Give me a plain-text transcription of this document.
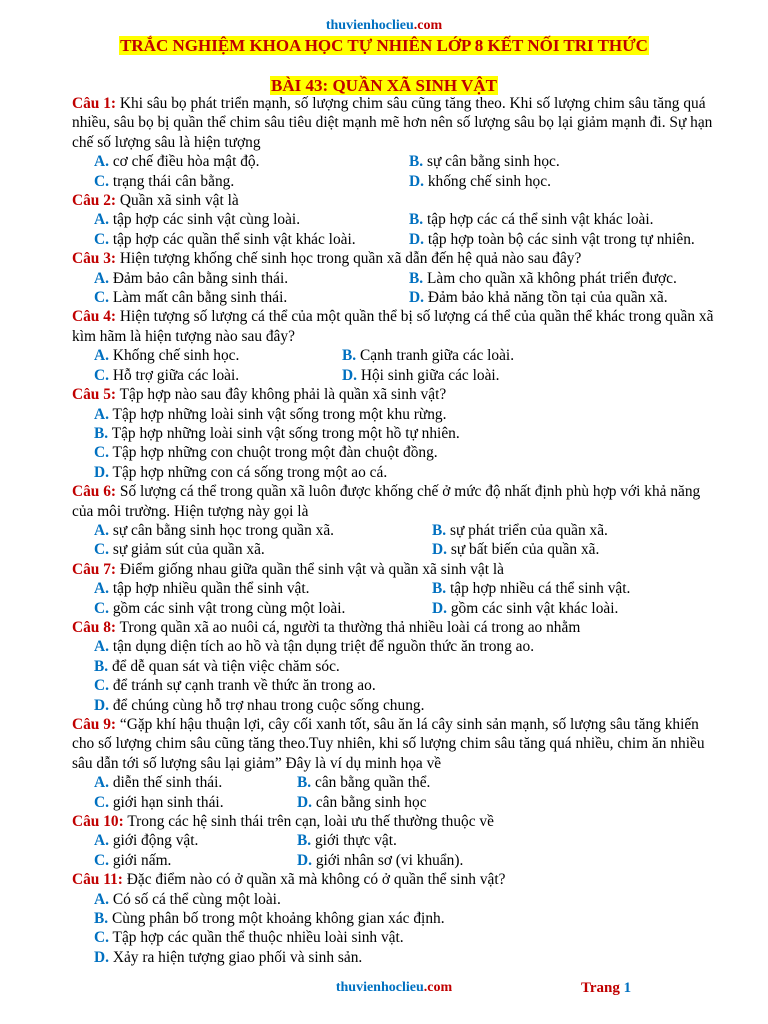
thuvienhoclieu.com
TRẮC NGHIỆM KHOA HỌC TỰ NHIÊN LỚP 8 KẾT NỐI TRI THỨC
BÀI 43: QUẦN XÃ SINH VẬT

Câu 1: Khi sâu bọ phát triển mạnh, số lượng chim sâu cũng tăng theo. Khi số lượng chim sâu tăng quá nhiều, sâu bọ bị quần thể chim sâu tiêu diệt mạnh mẽ hơn nên số lượng sâu bọ lại giảm mạnh đi. Sự hạn chế số lượng sâu là hiện tượng

A. cơ chế điều hòa mật độ.	B. sự cân bằng sinh học.
C. trạng thái cân bằng.	D. khống chế sinh học.

Câu 2: Quần xã sinh vật là

A. tập hợp các sinh vật cùng loài.	B. tập hợp các cá thể sinh vật khác loài.
C. tập hợp các quần thể sinh vật khác loài.	D. tập hợp toàn bộ các sinh vật trong tự nhiên.

Câu 3: Hiện tượng khống chế sinh học trong quần xã dẫn đến hệ quả nào sau đây?

A. Đảm bảo cân bằng sinh thái.	B. Làm cho quần xã không phát triển được.
C. Làm mất cân bằng sinh thái.	D. Đảm bảo khả năng tồn tại của quần xã.

Câu 4: Hiện tượng số lượng cá thể của một quần thể bị số lượng cá thể của quần thể khác trong quần xã kìm hãm là hiện tượng nào sau đây?

A. Khống chế sinh học.	B. Cạnh tranh giữa các loài.
C. Hỗ trợ giữa các loài.	D. Hội sinh giữa các loài.

Câu 5: Tập hợp nào sau đây không phải là quần xã sinh vật?

A. Tập hợp những loài sinh vật sống trong một khu rừng.
B. Tập hợp những loài sinh vật sống trong một hồ tự nhiên.
C. Tập hợp những con chuột trong một đàn chuột đồng.
D. Tập hợp những con cá sống trong một ao cá.

Câu 6: Số lượng cá thể trong quần xã luôn được khống chế ở mức độ nhất định phù hợp với khả năng của môi trường. Hiện tượng này gọi là

A. sự cân bằng sinh học trong quần xã.	B. sự phát triển của quần xã.
C. sự giảm sút của quần xã.	D. sự bất biến của quần xã.

Câu 7: Điểm giống nhau giữa quần thể sinh vật và quần xã sinh vật là

A. tập hợp nhiều quần thể sinh vật.	B. tập hợp nhiều cá thể sinh vật.
C. gồm các sinh vật trong cùng một loài.	D. gồm các sinh vật khác loài.

Câu 8: Trong quần xã ao nuôi cá, người ta thường thả nhiều loài cá trong ao nhằm

A. tận dụng diện tích ao hồ và tận dụng triệt để nguồn thức ăn trong ao.
B. để dễ quan sát và tiện việc chăm sóc.
C. để tránh sự cạnh tranh về thức ăn trong ao.
D. để chúng cùng hỗ trợ nhau trong cuộc sống chung.

Câu 9: “Gặp khí hậu thuận lợi, cây cối xanh tốt, sâu ăn lá cây sinh sản mạnh, số lượng sâu tăng khiến cho số lượng chim sâu cũng tăng theo.Tuy nhiên, khi số lượng chim sâu tăng quá nhiều, chim ăn nhiều sâu dẫn tới số lượng sâu lại giảm” Đây là ví dụ minh họa về

A. diễn thế sinh thái.	B. cân bằng quần thể.
C. giới hạn sinh thái.	D. cân bằng sinh học

Câu 10: Trong các hệ sinh thái trên cạn, loài ưu thế thường thuộc về

A. giới động vật.	B. giới thực vật.
C. giới nấm.	D. giới nhân sơ (vi khuẩn).

Câu 11: Đặc điểm nào có ở quần xã mà không có ở quần thể sinh vật?

A. Có số cá thể cùng một loài.
B. Cùng phân bố trong một khoảng không gian xác định.
C. Tập hợp các quần thể thuộc nhiều loài sinh vật.
D. Xảy ra hiện tượng giao phối và sinh sản.
thuvienhoclieu.com	Trang 1
